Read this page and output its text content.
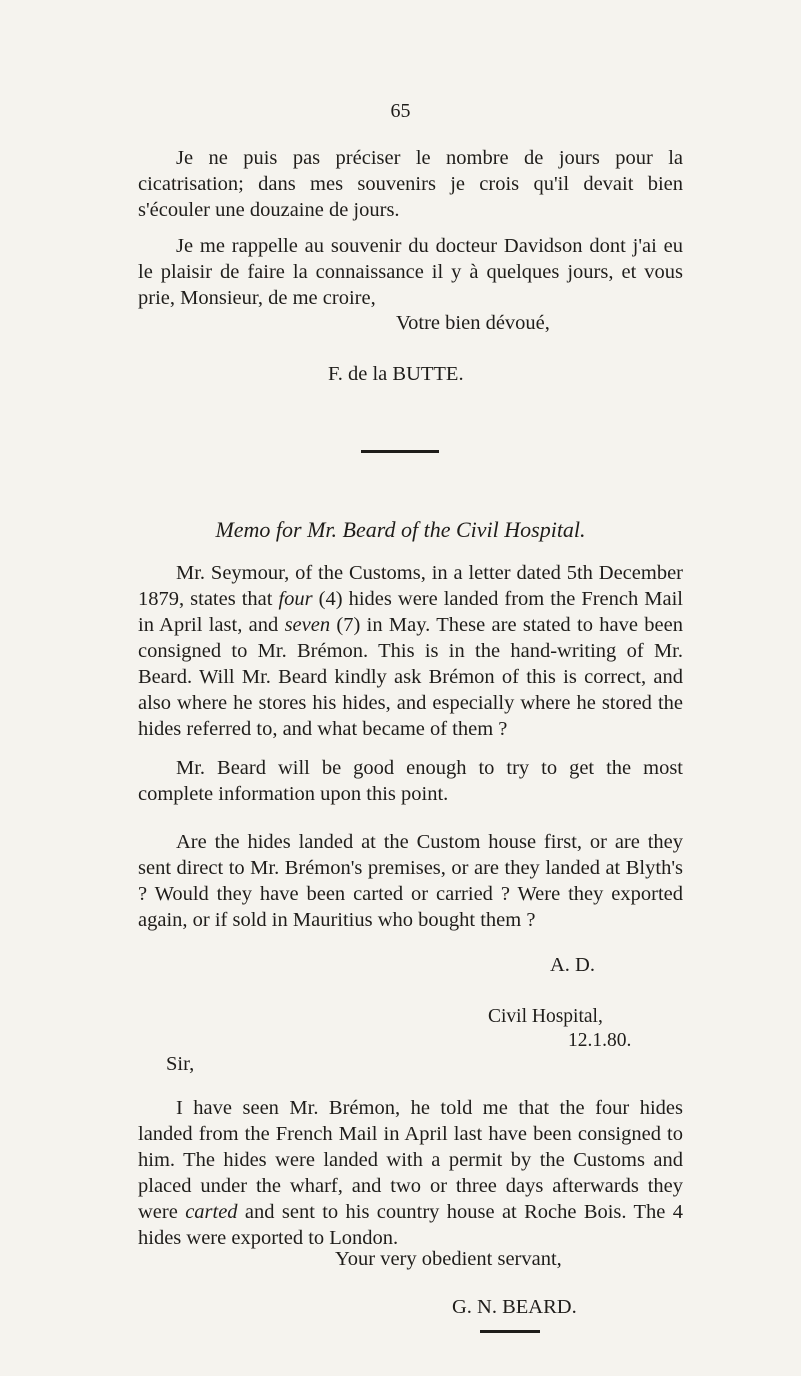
65

Je ne puis pas préciser le nombre de jours pour la cicatrisation; dans mes souvenirs je crois qu'il devait bien s'écouler une douzaine de jours.

Je me rappelle au souvenir du docteur Davidson dont j'ai eu le plaisir de faire la connaissance il y à quelques jours, et vous prie, Monsieur, de me croire,

Votre bien dévoué,
F. de la BUTTE.
Memo for Mr. Beard of the Civil Hospital.

Mr. Seymour, of the Customs, in a letter dated 5th December 1879, states that four (4) hides were landed from the French Mail in April last, and seven (7) in May. These are stated to have been consigned to Mr. Brémon. This is in the hand-writing of Mr. Beard. Will Mr. Beard kindly ask Brémon of this is correct, and also where he stores his hides, and especially where he stored the hides referred to, and what became of them ?

Mr. Beard will be good enough to try to get the most complete information upon this point.

Are the hides landed at the Custom house first, or are they sent direct to Mr. Brémon's premises, or are they landed at Blyth's ? Would they have been carted or carried ? Were they exported again, or if sold in Mauritius who bought them ?

A. D.
Civil Hospital,
12.1.80.
Sir,

I have seen Mr. Brémon, he told me that the four hides landed from the French Mail in April last have been consigned to him. The hides were landed with a permit by the Customs and placed under the wharf, and two or three days afterwards they were carted and sent to his country house at Roche Bois. The 4 hides were exported to London.

Your very obedient servant,
G. N. BEARD.
